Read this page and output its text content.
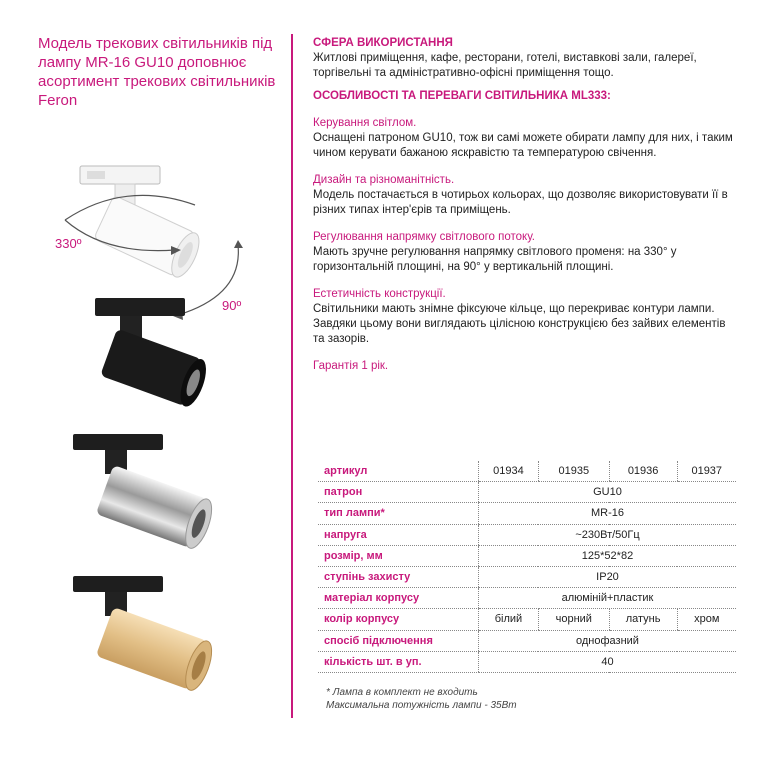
Модель трекових світильників під лампу MR-16 GU10 доповнює асортимент трекових світильників Feron
330º
90º
СФЕРА ВИКОРИСТАННЯ
Житлові приміщення, кафе, ресторани, готелі, виставкові зали, галереї, торгівельні та адміністративно-офісні приміщення тощо.
ОСОБЛИВОСТІ ТА ПЕРЕВАГИ СВІТИЛЬНИКА ML333:
Керування світлом.
Оснащені патроном GU10, тож ви самі можете обирати лампу для них, і таким чином керувати бажаною яскравістю та температурою свічення.
Дизайн та різноманітність.
Модель постачається в чотирьох кольорах, що дозволяє використовувати її в різних типах інтер'єрів та приміщень.
Регулювання напрямку світлового потоку.
Мають зручне регулювання напрямку світлового променя: на 330° у горизонтальній площині, на 90° у вертикальній площині.
Естетичність конструкції.
Світильники мають знімне фіксуюче кільце, що перекриває контури лампи. Завдяки цьому вони виглядають цілісною конструкцією без зайвих елементів та зазорів.
Гарантія 1 рік.
артикул	01934	01935	01936	01937
патрон	GU10			
тип лампи*	MR-16			
напруга	~230Вт/50Гц			
розмір, мм	125*52*82			
ступінь захисту	IP20			
матеріал корпусу	алюміній+пластик			
колір корпусу	білий	чорний	латунь	хром
спосіб підключення	однофазний			
кількість шт. в уп.	40			
* Лампа в комплект не входить
Максимальна потужність лампи - 35Вт
